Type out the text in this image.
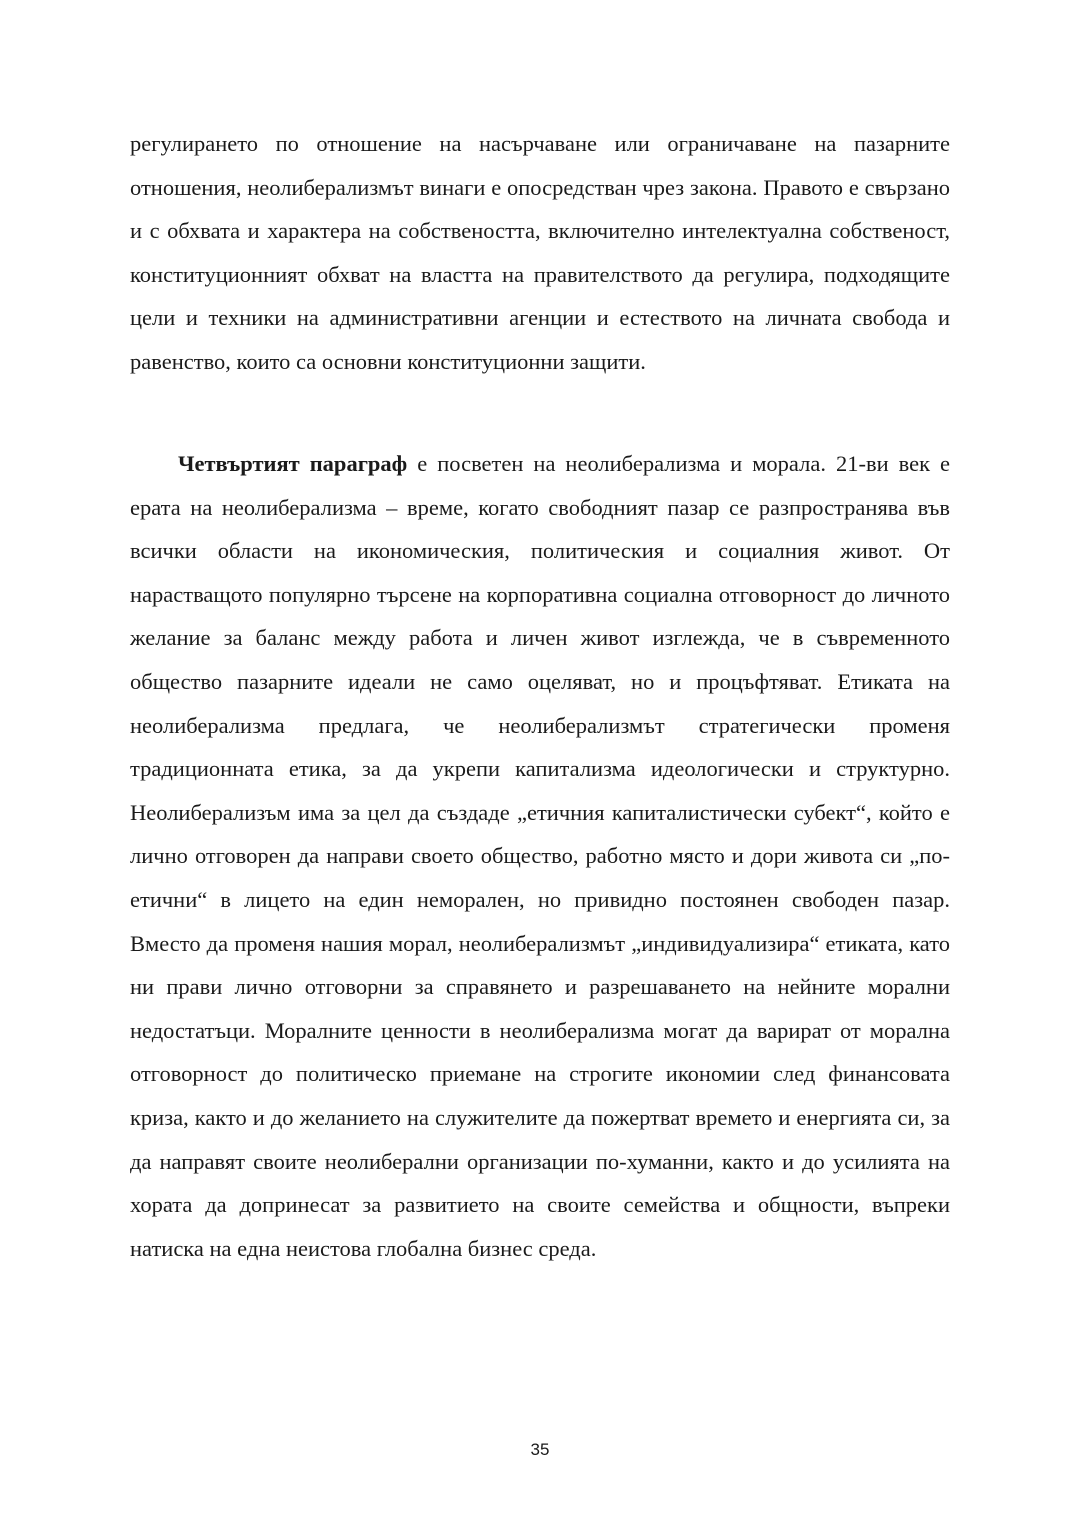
регулирането по отношение на насърчаване или ограничаване на пазарните отношения, неолиберализмът винаги е опосредстван чрез закона. Правото е свързано и с обхвата и характера на собствеността, включително интелектуална собственост, конституционният обхват на властта на правителството да регулира, подходящите цели и техники на административни агенции и естеството на личната свобода и равенство, които са основни конституционни защити.

Четвъртият параграф е посветен на неолиберализма и морала. 21-ви век е ерата на неолиберализма – време, когато свободният пазар се разпространява във всички области на икономическия, политическия и социалния живот. От нарастващото популярно търсене на корпоративна социална отговорност до личното желание за баланс между работа и личен живот изглежда, че в съвременното общество пазарните идеали не само оцеляват, но и процъфтяват. Етиката на неолиберализма предлага, че неолиберализмът стратегически променя традиционната етика, за да укрепи капитализма идеологически и структурно. Неолиберализъм има за цел да създаде „етичния капиталистически субект“, който е лично отговорен да направи своето общество, работно място и дори живота си „по-етични“ в лицето на един неморален, но привидно постоянен свободен пазар. Вместо да променя нашия морал, неолиберализмът „индивидуализира“ етиката, като ни прави лично отговорни за справянето и разрешаването на нейните морални недостатъци. Моралните ценности в неолиберализма могат да варират от морална отговорност до политическо приемане на строгите икономии след финансовата криза, както и до желанието на служителите да пожертват времето и енергията си, за да направят своите неолиберални организации по-хуманни, както и до усилията на хората да допринесат за развитието на своите семейства и общности, въпреки натиска на една неистова глобална бизнес среда.

35
